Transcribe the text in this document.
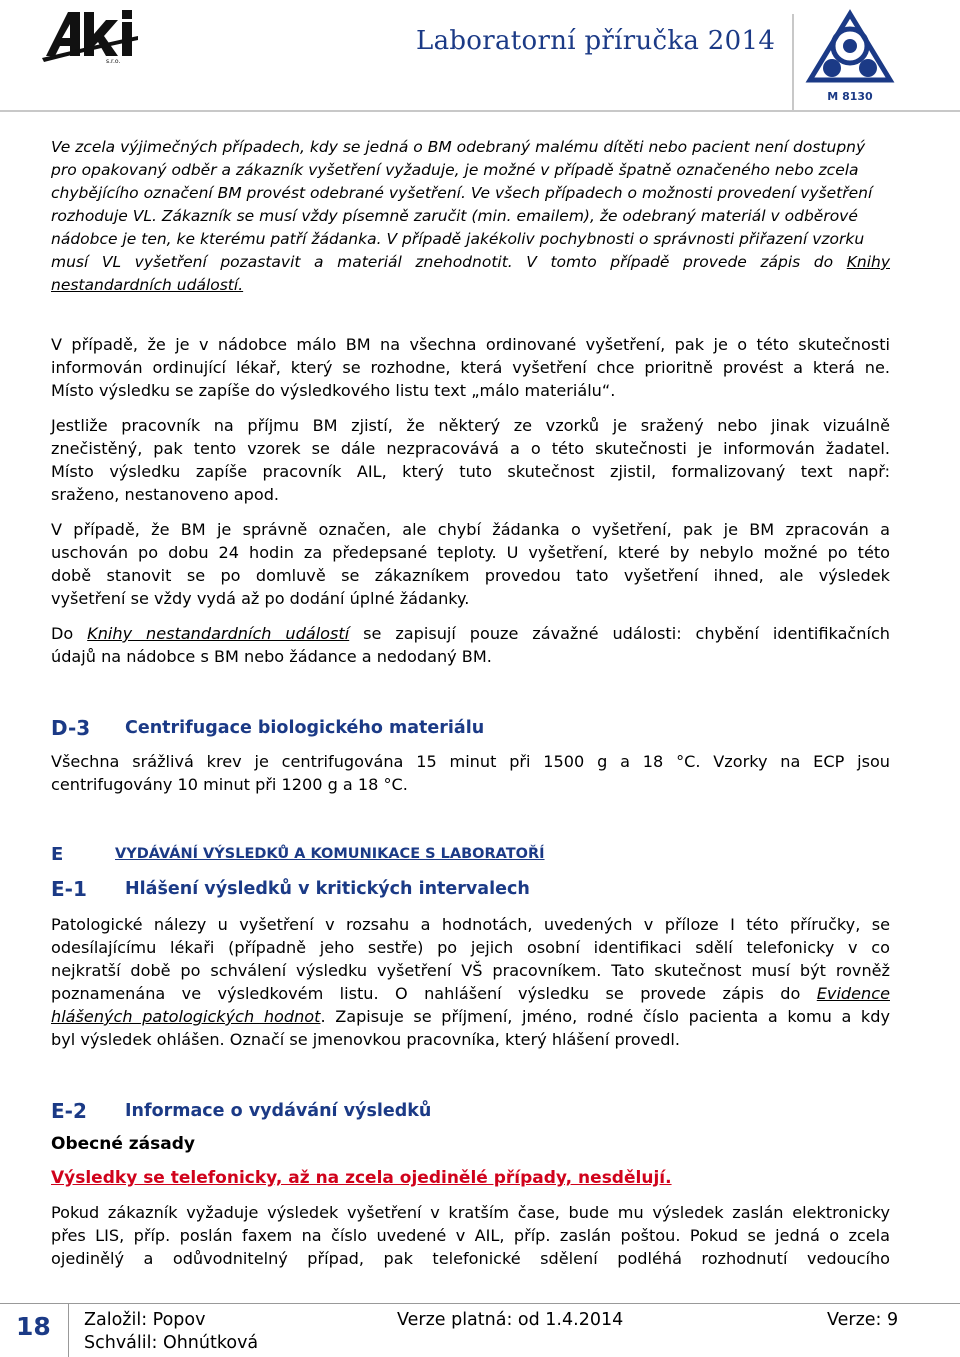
s.r.o.
Laboratorní příručka 2014
M 8130
Ve zcela výjimečných případech, kdy se jedná o BM odebraný malému dítěti nebo pacient není dostupný
pro opakovaný odběr a zákazník vyšetření vyžaduje, je možné v případě špatně označeného nebo zcela
chybějícího označení BM provést odebrané vyšetření. Ve všech případech o možnosti provedení vyšetření
rozhoduje VL. Zákazník se musí vždy písemně zaručit (min. emailem), že odebraný materiál v odběrové
nádobce je ten, ke kterému patří žádanka. V případě jakékoliv pochybnosti o správnosti přiřazení vzorku
musí VL vyšetření pozastavit a materiál znehodnotit. V tomto případě provede zápis do Knihy
nestandardních událostí.
V případě, že je v nádobce málo BM na všechna ordinované vyšetření, pak je o této skutečnosti
informován ordinující lékař, který se rozhodne, která vyšetření chce prioritně provést a která ne.
Místo výsledku se zapíše do výsledkového listu text „málo materiálu“.
Jestliže pracovník na příjmu BM zjistí, že některý ze vzorků je sražený nebo jinak vizuálně
znečistěný, pak tento vzorek se dále nezpracovává a o této skutečnosti je informován žadatel.
Místo výsledku zapíše pracovník AIL, který tuto skutečnost zjistil, formalizovaný text např:
sraženo, nestanoveno apod.
V případě, že BM je správně označen, ale chybí žádanka o vyšetření, pak je BM zpracován a
uschován po dobu 24 hodin za předepsané teploty. U vyšetření, které by nebylo možné po této
době stanovit se po domluvě se zákazníkem provedou tato vyšetření ihned, ale výsledek
vyšetření se vždy vydá až po dodání úplné žádanky.
Do Knihy nestandardních událostí se zapisují pouze závažné události: chybění identifikačních
údajů na nádobce s BM nebo žádance a nedodaný BM.
D-3 Centrifugace biologického materiálu
Všechna srážlivá krev je centrifugována 15 minut při 1500 g a 18 °C. Vzorky na ECP jsou
centrifugovány 10 minut při 1200 g a 18 °C.
E	VYDÁVÁNÍ VÝSLEDKŮ A KOMUNIKACE S LABORATOŘÍ
E-1 Hlášení výsledků v kritických intervalech
Patologické nálezy u vyšetření v rozsahu a hodnotách, uvedených v příloze I této příručky, se
odesílajícímu lékaři (případně jeho sestře) po jejich osobní identifikaci sdělí telefonicky v co
nejkratší době po schválení výsledku vyšetření VŠ pracovníkem. Tato skutečnost musí být rovněž
poznamenána ve výsledkovém listu. O nahlášení výsledku se provede zápis do Evidence
hlášených patologických hodnot. Zapisuje se příjmení, jméno, rodné číslo pacienta a komu a kdy
byl výsledek ohlášen. Označí se jmenovkou pracovníka, který hlášení provedl.
E-2 Informace o vydávání výsledků
Obecné zásady
Výsledky se telefonicky, až na zcela ojedinělé případy, nesdělují.
Pokud zákazník vyžaduje výsledek vyšetření v kratším čase, bude mu výsledek zaslán elektronicky
přes LIS, příp. poslán faxem na číslo uvedené v AIL, příp. zaslán poštou. Pokud se jedná o zcela
ojedinělý a odůvodnitelný případ, pak telefonické sdělení podléhá rozhodnutí vedoucího
18 Založil: Popov
Schválil: Ohnútková
Verze platná: od 1.4.2014	Verze: 9
